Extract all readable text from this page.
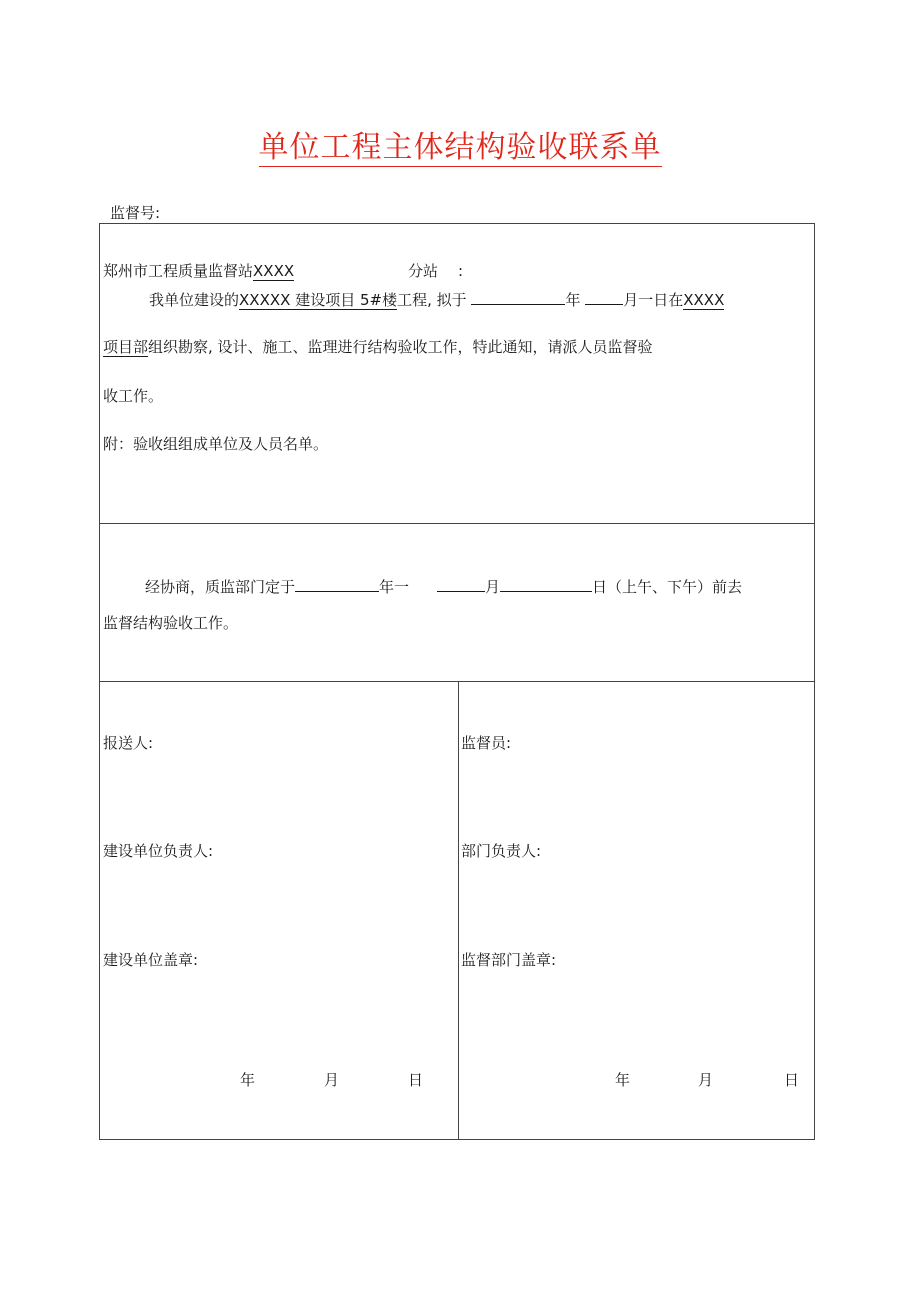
单位工程主体结构验收联系单
监督号:
郑州市工程质量监督站XXXX	分站 :
我单位建设的XXXXX 建设项目 5#楼工程, 拟于	年	月一日在XXXX
项目部组织勘察, 设计、施工、监理进行结构验收工作，特此通知，请派人员监督验
收工作。
附：验收组组成单位及人员名单。
经协商，质监部门定于	年一	月	日（上午、下午）前去
监督结构验收工作。
报送人:
建设单位负责人:
建设单位盖章:
年	月	日
监督员:
部门负责人:
监督部门盖章:
年	月	日
